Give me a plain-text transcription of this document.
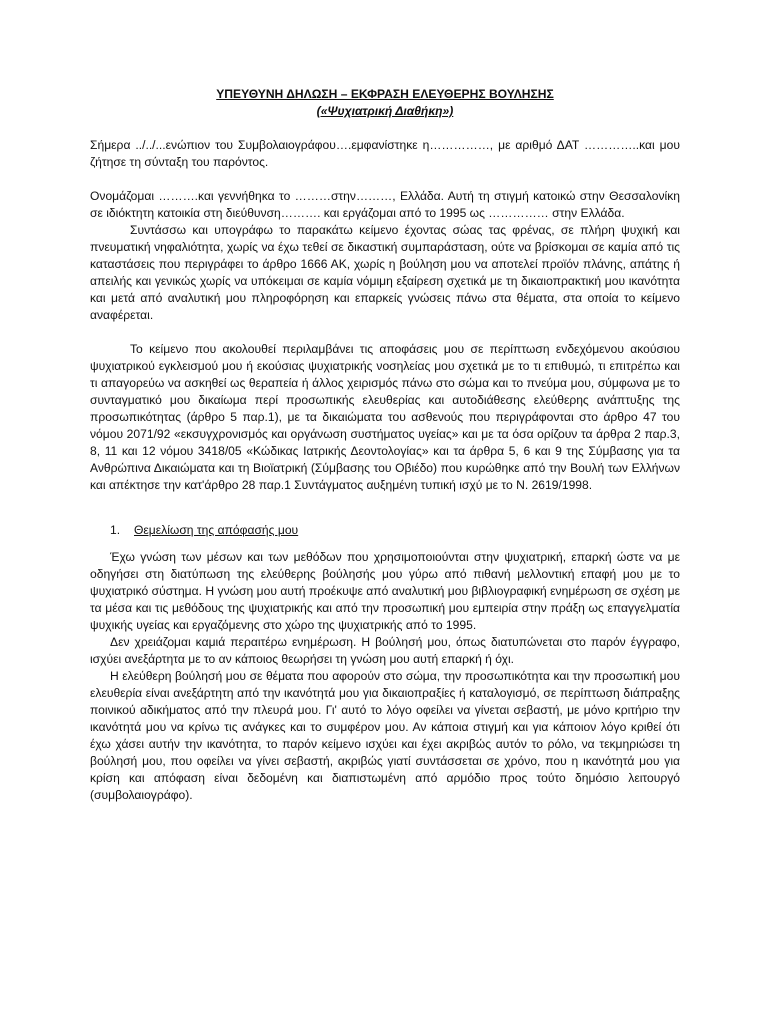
ΥΠΕΥΘΥΝΗ ΔΗΛΩΣΗ – ΕΚΦΡΑΣΗ ΕΛΕΥΘΕΡΗΣ ΒΟΥΛΗΣΗΣ

(«Ψυχιατρική Διαθήκη»)

Σήμερα ../../...ενώπιον του Συμβολαιογράφου….εμφανίστηκε η……………, με αριθμό ΔΑΤ …………..και μου ζήτησε τη σύνταξη του παρόντος.

Ονομάζομαι ……….και γεννήθηκα το ………στην………, Ελλάδα. Αυτή τη στιγμή κατοικώ στην Θεσσαλονίκη σε ιδιόκτητη κατοικία στη διεύθυνση………. και εργάζομαι από το 1995 ως …………… στην Ελλάδα.

Συντάσσω και υπογράφω το παρακάτω κείμενο έχοντας σώας τας φρένας, σε πλήρη ψυχική και πνευματική νηφαλιότητα, χωρίς να έχω τεθεί σε δικαστική συμπαράσταση, ούτε να βρίσκομαι σε καμία από τις καταστάσεις που περιγράφει το άρθρο 1666 ΑΚ, χωρίς η βούληση μου να αποτελεί προϊόν πλάνης, απάτης ή απειλής και γενικώς χωρίς να υπόκειμαι σε καμία νόμιμη εξαίρεση σχετικά με τη δικαιοπρακτική μου ικανότητα και μετά από αναλυτική μου πληροφόρηση και επαρκείς γνώσεις πάνω στα θέματα, στα οποία το κείμενο αναφέρεται.

Το κείμενο που ακολουθεί περιλαμβάνει τις αποφάσεις μου σε περίπτωση ενδεχόμενου ακούσιου ψυχιατρικού εγκλεισμού μου ή εκούσιας ψυχιατρικής νοσηλείας μου σχετικά με το τι επιθυμώ, τι επιτρέπω και τι απαγορεύω να ασκηθεί ως θεραπεία ή άλλος χειρισμός πάνω στο σώμα και το πνεύμα μου, σύμφωνα με το συνταγματικό μου δικαίωμα περί προσωπικής ελευθερίας και αυτοδιάθεσης ελεύθερης ανάπτυξης της προσωπικότητας (άρθρο 5 παρ.1), με τα δικαιώματα του ασθενούς που περιγράφονται στο άρθρο 47 του νόμου 2071/92 «εκσυγχρονισμός και οργάνωση συστήματος υγείας» και με τα όσα ορίζουν τα άρθρα 2 παρ.3, 8, 11 και 12 νόμου 3418/05 «Κώδικας Ιατρικής Δεοντολογίας» και τα άρθρα 5, 6 και 9 της Σύμβασης για τα Ανθρώπινα Δικαιώματα και τη Βιοϊατρική (Σύμβασης του Οβιέδο) που κυρώθηκε από την Βουλή των Ελλήνων και απέκτησε την κατ'άρθρο 28 παρ.1 Συντάγματος αυξημένη τυπική ισχύ με το Ν. 2619/1998.

1. Θεμελίωση της απόφασής μου

Έχω γνώση των μέσων και των μεθόδων που χρησιμοποιούνται στην ψυχιατρική, επαρκή ώστε να με οδηγήσει στη διατύπωση της ελεύθερης βούλησής μου γύρω από πιθανή μελλοντική επαφή μου με το ψυχιατρικό σύστημα. Η γνώση μου αυτή προέκυψε από αναλυτική μου βιβλιογραφική ενημέρωση σε σχέση με τα μέσα και τις μεθόδους της ψυχιατρικής και από την προσωπική μου εμπειρία στην πράξη ως επαγγελματία ψυχικής υγείας και εργαζόμενης στο χώρο της ψυχιατρικής από το 1995.

Δεν χρειάζομαι καμιά περαιτέρω ενημέρωση. Η βούλησή μου, όπως διατυπώνεται στο παρόν έγγραφο, ισχύει ανεξάρτητα με το αν κάποιος θεωρήσει τη γνώση μου αυτή επαρκή ή όχι.

Η ελεύθερη βούλησή μου σε θέματα που αφορούν στο σώμα, την προσωπικότητα και την προσωπική μου ελευθερία είναι ανεξάρτητη από την ικανότητά μου για δικαιοπραξίες ή καταλογισμό, σε περίπτωση διάπραξης ποινικού αδικήματος από την πλευρά μου. Γι' αυτό το λόγο οφείλει να γίνεται σεβαστή, με μόνο κριτήριο την ικανότητά μου να κρίνω τις ανάγκες και το συμφέρον μου. Αν κάποια στιγμή και για κάποιον λόγο κριθεί ότι έχω χάσει αυτήν την ικανότητα, το παρόν κείμενο ισχύει και έχει ακριβώς αυτόν το ρόλο, να τεκμηριώσει τη βούλησή μου, που οφείλει να γίνει σεβαστή, ακριβώς γιατί συντάσσεται σε χρόνο, που η ικανότητά μου για κρίση και απόφαση είναι δεδομένη και διαπιστωμένη από αρμόδιο προς τούτο δημόσιο λειτουργό (συμβολαιογράφο).
